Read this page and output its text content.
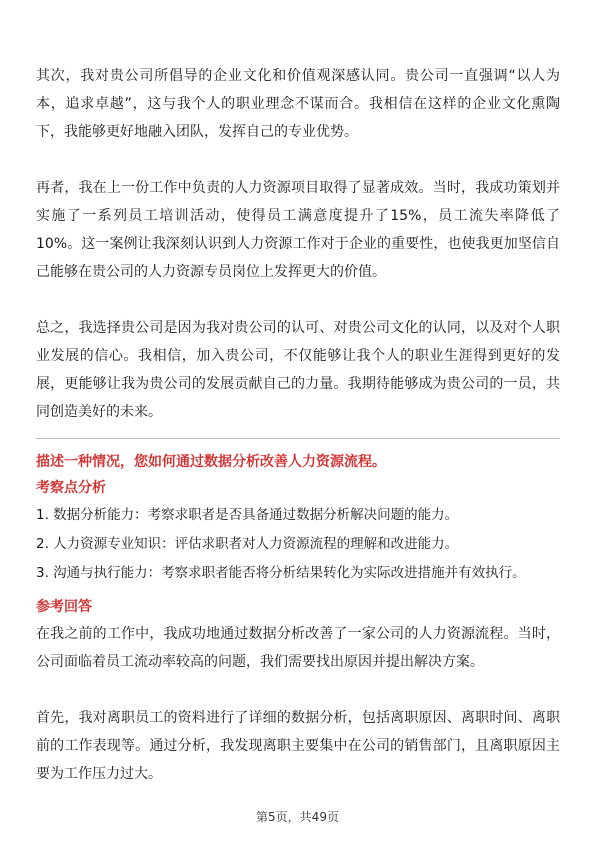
其次，我对贵公司所倡导的企业文化和价值观深感认同。贵公司一直强调“以人为本，追求卓越”，这与我个人的职业理念不谋而合。我相信在这样的企业文化熏陶下，我能够更好地融入团队，发挥自己的专业优势。

再者，我在上一份工作中负责的人力资源项目取得了显著成效。当时，我成功策划并实施了一系列员工培训活动，使得员工满意度提升了15%，员工流失率降低了10%。这一案例让我深刻认识到人力资源工作对于企业的重要性，也使我更加坚信自己能够在贵公司的人力资源专员岗位上发挥更大的价值。

总之，我选择贵公司是因为我对贵公司的认可、对贵公司文化的认同，以及对个人职业发展的信心。我相信，加入贵公司，不仅能够让我个人的职业生涯得到更好的发展，更能够让我为贵公司的发展贡献自己的力量。我期待能够成为贵公司的一员，共同创造美好的未来。

描述一种情况，您如何通过数据分析改善人力资源流程。

考察点分析

1. 数据分析能力：考察求职者是否具备通过数据分析解决问题的能力。

2. 人力资源专业知识：评估求职者对人力资源流程的理解和改进能力。

3. 沟通与执行能力：考察求职者能否将分析结果转化为实际改进措施并有效执行。

参考回答

在我之前的工作中，我成功地通过数据分析改善了一家公司的人力资源流程。当时，公司面临着员工流动率较高的问题，我们需要找出原因并提出解决方案。

首先，我对离职员工的资料进行了详细的数据分析，包括离职原因、离职时间、离职前的工作表现等。通过分析，我发现离职主要集中在公司的销售部门，且离职原因主要为工作压力过大。

第5页，共49页
